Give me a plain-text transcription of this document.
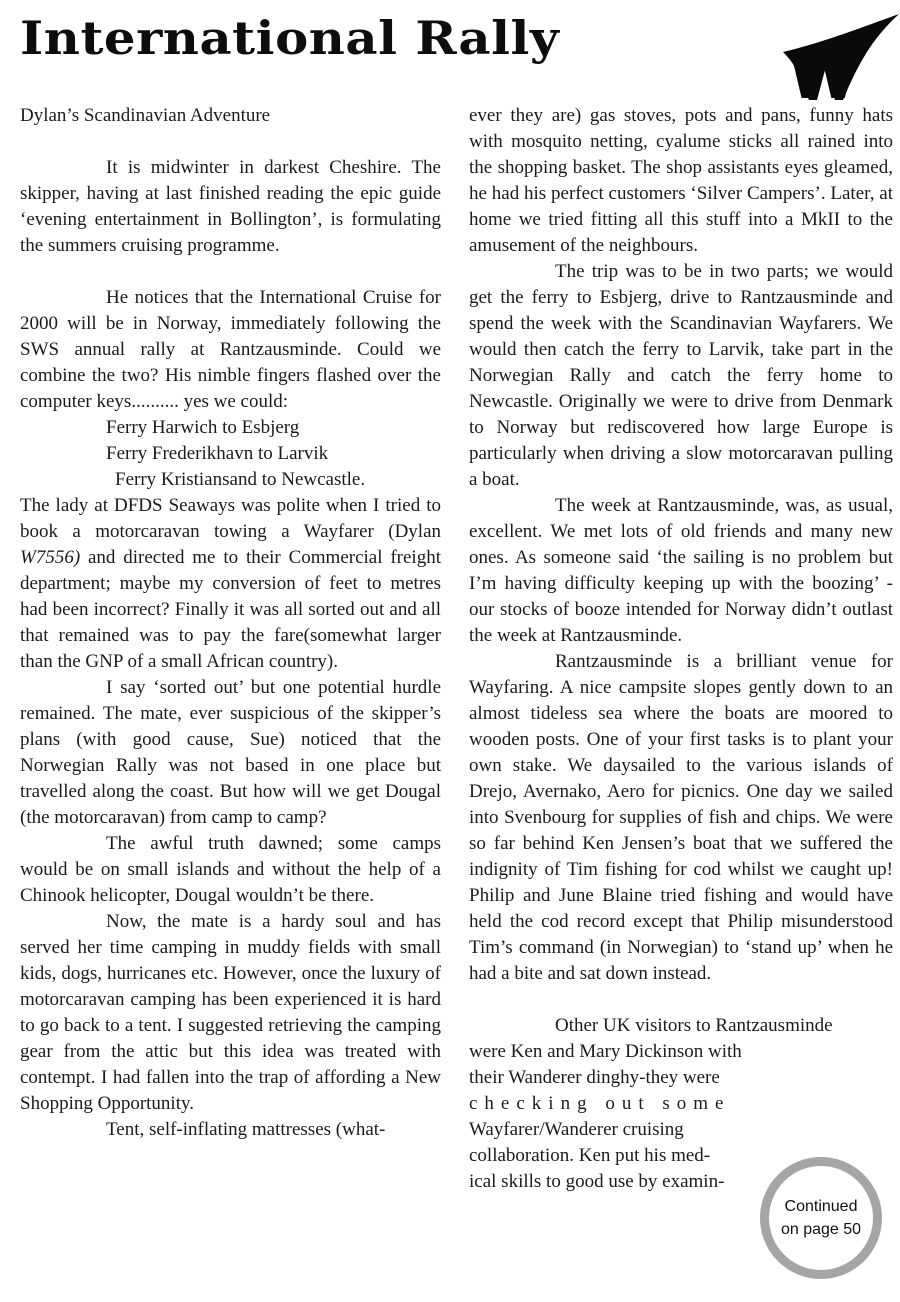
International Rally
W

Dylan’s Scandinavian Adventure

It is midwinter in darkest Cheshire. The skipper, having at last finished reading the epic guide ‘evening entertainment in Bollington’, is formulating the summers cruising programme.

He notices that the International Cruise for 2000 will be in Norway, immediately following the SWS annual rally at Rantzausminde. Could we combine the two? His nimble fingers flashed over the computer keys.......... yes we could:

Ferry Harwich to Esbjerg

Ferry Frederikhavn to Larvik

Ferry Kristiansand to Newcastle.

The lady at DFDS Seaways was polite when I tried to book a motorcaravan towing a Wayfarer (Dylan W7556) and directed me to their Commercial freight department; maybe my conversion of feet to metres had been incorrect? Finally it was all sorted out and all that remained was to pay the fare(somewhat larger than the GNP of a small African country).

I say ‘sorted out’ but one potential hurdle remained. The mate, ever suspicious of the skipper’s plans (with good cause, Sue) noticed that the Norwegian Rally was not based in one place but travelled along the coast. But how will we get Dougal (the motorcaravan) from camp to camp?

The awful truth dawned; some camps would be on small islands and without the help of a Chinook helicopter, Dougal wouldn’t be there.

Now, the mate is a hardy soul and has served her time camping in muddy fields with small kids, dogs, hurricanes etc. However, once the luxury of motorcaravan camping has been experienced it is hard to go back to a tent. I suggested retrieving the camping gear from the attic but this idea was treated with contempt. I had fallen into the trap of affording a New Shopping Opportunity.

Tent, self-inflating mattresses (what-

ever they are) gas stoves, pots and pans, funny hats with mosquito netting, cyalume sticks all rained into the shopping basket. The shop assistants eyes gleamed, he had his perfect customers ‘Silver Campers’. Later, at home we tried fitting all this stuff into a MkII to the amusement of the neighbours.

The trip was to be in two parts; we would get the ferry to Esbjerg, drive to Rantzausminde and spend the week with the Scandinavian Wayfarers. We would then catch the ferry to Larvik, take part in the Norwegian Rally and catch the ferry home to Newcastle. Originally we were to drive from Denmark to Norway but rediscovered how large Europe is particularly when driving a slow motorcaravan pulling a boat.

The week at Rantzausminde, was, as usual, excellent. We met lots of old friends and many new ones. As someone said ‘the sailing is no problem but I’m having difficulty keeping up with the boozing’ - our stocks of booze intended for Norway didn’t outlast the week at Rantzausminde.

Rantzausminde is a brilliant venue for Wayfaring. A nice campsite slopes gently down to an almost tideless sea where the boats are moored to wooden posts. One of your first tasks is to plant your own stake. We daysailed to the various islands of Drejo, Avernako, Aero for picnics. One day we sailed into Svenbourg for supplies of fish and chips. We were so far behind Ken Jensen’s boat that we suffered the indignity of Tim fishing for cod whilst we caught up! Philip and June Blaine tried fishing and would have held the cod record except that Philip misunderstood Tim’s command (in Norwegian) to ‘stand up’ when he had a bite and sat down instead.

Other UK visitors to Rantzausminde

were Ken and Mary Dickinson with

their Wanderer dinghy-they were

checking out some

Wayfarer/Wanderer cruising

collaboration. Ken put his med-

ical skills to good use by examin-

Continued
on page 50
